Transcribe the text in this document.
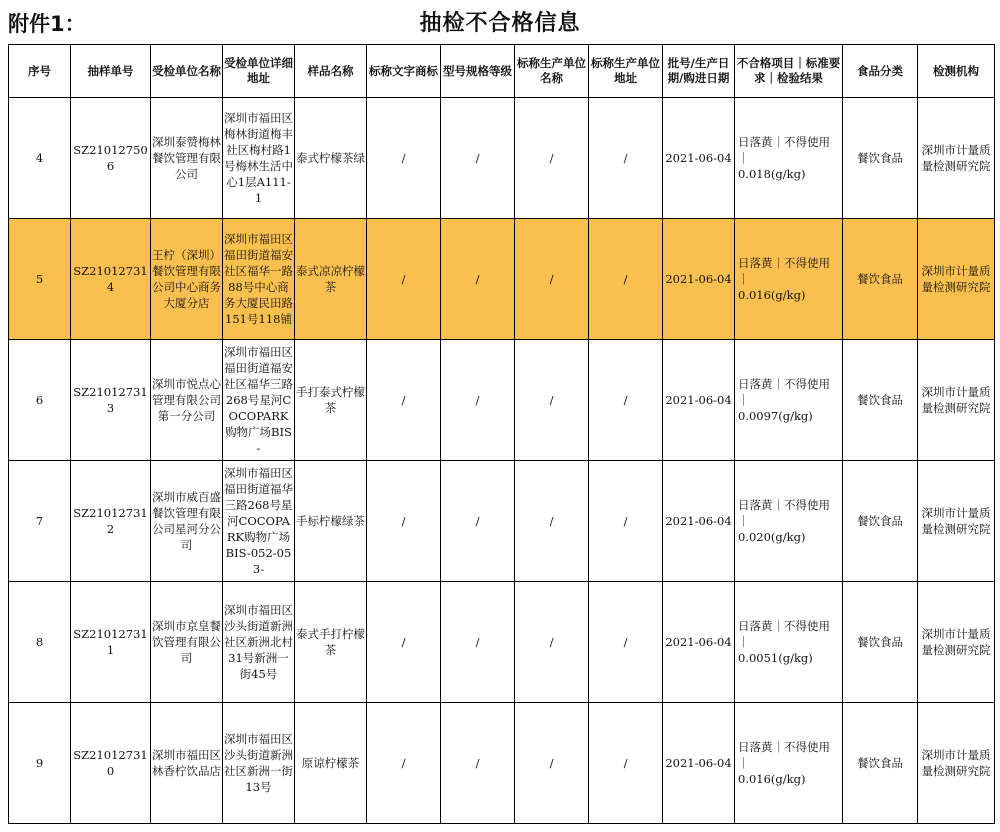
附件1：	抽检不合格信息
序号	抽样单号	受检单位名称	受检单位详细地址	样品名称	标称文字商标	型号规格等级	标称生产单位名称	标称生产单位地址	批号/生产日期/购进日期	不合格项目｜标准要求｜检验结果	食品分类	检测机构

4	SZ210127506	深圳泰赞梅林餐饮管理有限公司	深圳市福田区梅林街道梅丰社区梅村路1号梅林生活中心1层A111-1	泰式柠檬茶绿	/	/	/	/	2021-06-04	日落黄｜不得使用｜
0.018(g/kg)	餐饮食品	深圳市计量质量检测研究院

5	SZ210127314	王柠（深圳）餐饮管理有限公司中心商务大厦分店	深圳市福田区福田街道福安社区福华一路88号中心商务大厦民田路151号118铺	泰式凉凉柠檬茶	/	/	/	/	2021-06-04	日落黄｜不得使用｜
0.016(g/kg)	餐饮食品	深圳市计量质量检测研究院

6	SZ210127313	深圳市悦点心管理有限公司第一分公司	深圳市福田区福田街道福安社区福华三路268号星河COCOPARK购物广场BIS-	手打泰式柠檬茶	/	/	/	/	2021-06-04	日落黄｜不得使用｜
0.0097(g/kg)	餐饮食品	深圳市计量质量检测研究院

7	SZ210127312	深圳市威百盛餐饮管理有限公司星河分公司	深圳市福田区福田街道福华三路268号星河COCOPARK购物广场BIS-052-053-	手标柠檬绿茶	/	/	/	/	2021-06-04	日落黄｜不得使用｜
0.020(g/kg)	餐饮食品	深圳市计量质量检测研究院

8	SZ210127311	深圳市京皇餐饮管理有限公司	深圳市福田区沙头街道新洲社区新洲北村31号新洲一街45号	泰式手打柠檬茶	/	/	/	/	2021-06-04	日落黄｜不得使用｜
0.0051(g/kg)	餐饮食品	深圳市计量质量检测研究院

9	SZ210127310	深圳市福田区林香柠饮品店	深圳市福田区沙头街道新洲社区新洲一街13号	原谅柠檬茶	/	/	/	/	2021-06-04	日落黄｜不得使用｜
0.016(g/kg)	餐饮食品	深圳市计量质量检测研究院
